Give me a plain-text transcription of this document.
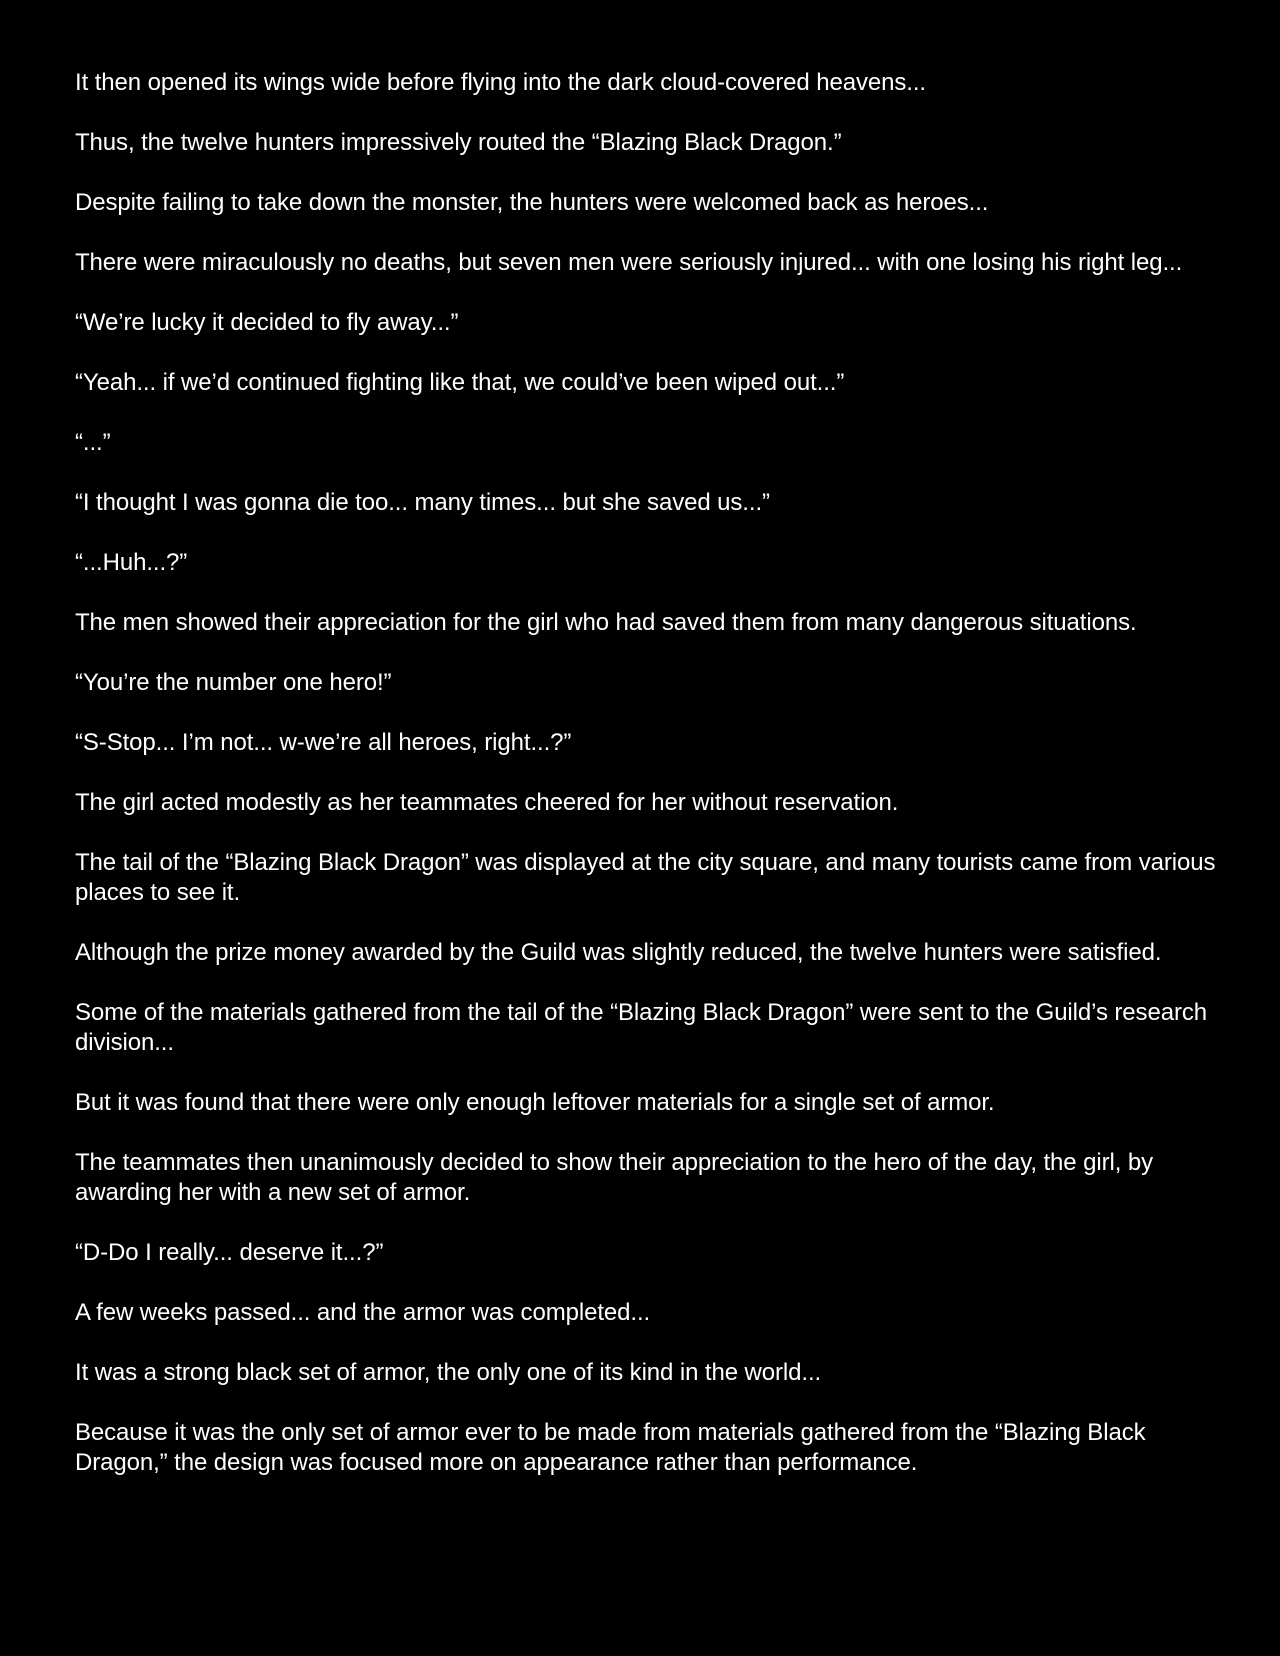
It then opened its wings wide before flying into the dark cloud-covered heavens...

Thus, the twelve hunters impressively routed the “Blazing Black Dragon.”

Despite failing to take down the monster, the hunters were welcomed back as heroes...

There were miraculously no deaths, but seven men were seriously injured... with one losing his right leg...

“We’re lucky it decided to fly away...”

“Yeah... if we’d continued fighting like that, we could’ve been wiped out...”

“...”

“I thought I was gonna die too... many times... but she saved us...”

“...Huh...?”

The men showed their appreciation for the girl who had saved them from many dangerous situations.

“You’re the number one hero!”

“S-Stop... I’m not... w-we’re all heroes, right...?”

The girl acted modestly as her teammates cheered for her without reservation.

The tail of the “Blazing Black Dragon” was displayed at the city square, and many tourists came from various places to see it.

Although the prize money awarded by the Guild was slightly reduced, the twelve hunters were satisfied.

Some of the materials gathered from the tail of the “Blazing Black Dragon” were sent to the Guild’s research division...

But it was found that there were only enough leftover materials for a single set of armor.

The teammates then unanimously decided to show their appreciation to the hero of the day, the girl, by awarding her with a new set of armor.

“D-Do I really... deserve it...?”

A few weeks passed... and the armor was completed...

It was a strong black set of armor, the only one of its kind in the world...

Because it was the only set of armor ever to be made from materials gathered from the “Blazing Black Dragon,” the design was focused more on appearance rather than performance.
